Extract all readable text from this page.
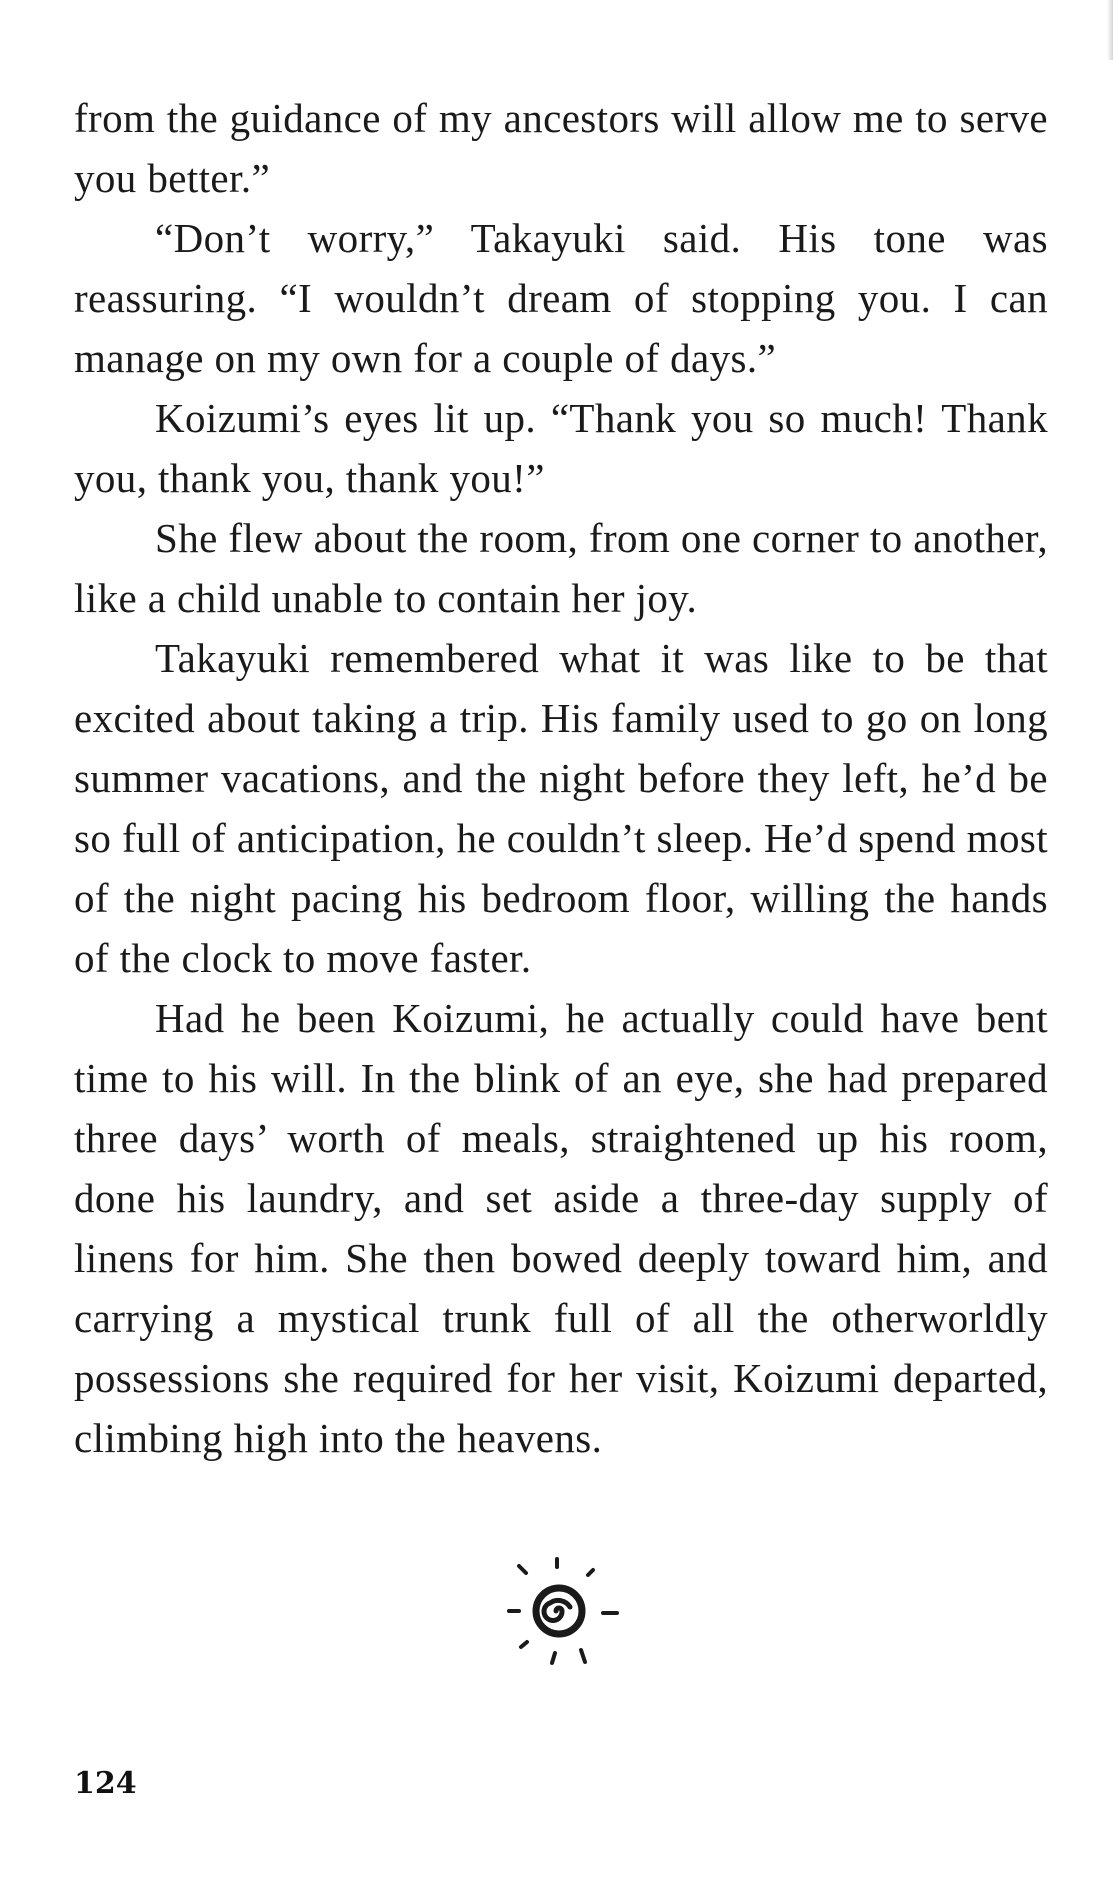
from the guidance of my ancestors will allow me to serve you better.”

“Don’t worry,” Takayuki said. His tone was reassuring. “I wouldn’t dream of stopping you. I can manage on my own for a couple of days.”

Koizumi’s eyes lit up. “Thank you so much! Thank you, thank you, thank you!”

She flew about the room, from one corner to another, like a child unable to contain her joy.

Takayuki remembered what it was like to be that excited about taking a trip. His family used to go on long summer vacations, and the night before they left, he’d be so full of anticipation, he couldn’t sleep. He’d spend most of the night pacing his bedroom floor, willing the hands of the clock to move faster.

Had he been Koizumi, he actually could have bent time to his will. In the blink of an eye, she had prepared three days’ worth of meals, straightened up his room, done his laundry, and set aside a three-day supply of linens for him. She then bowed deeply toward him, and carrying a mystical trunk full of all the otherworldly possessions she required for her visit, Koizumi departed, climbing high into the heavens.

124
